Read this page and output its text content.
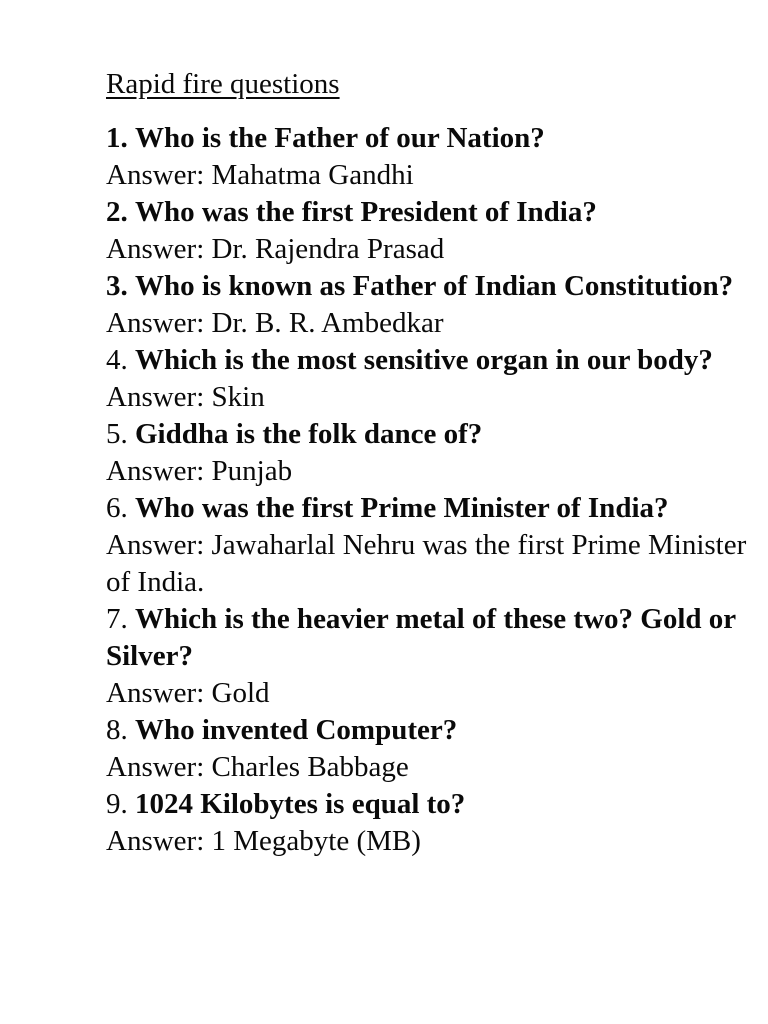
Rapid fire questions

1. Who is the Father of our Nation?

Answer: Mahatma Gandhi

2. Who was the first President of India?

Answer: Dr. Rajendra Prasad

3. Who is known as Father of Indian Constitution?

Answer: Dr. B. R. Ambedkar

4. Which is the most sensitive organ in our body?

Answer: Skin

5. Giddha is the folk dance of?

Answer: Punjab

6. Who was the first Prime Minister of India?

Answer: Jawaharlal Nehru was the first Prime Minister of India.

7. Which is the heavier metal of these two? Gold or Silver?

Answer: Gold

8. Who invented Computer?

Answer: Charles Babbage

9. 1024 Kilobytes is equal to?

Answer: 1 Megabyte (MB)
